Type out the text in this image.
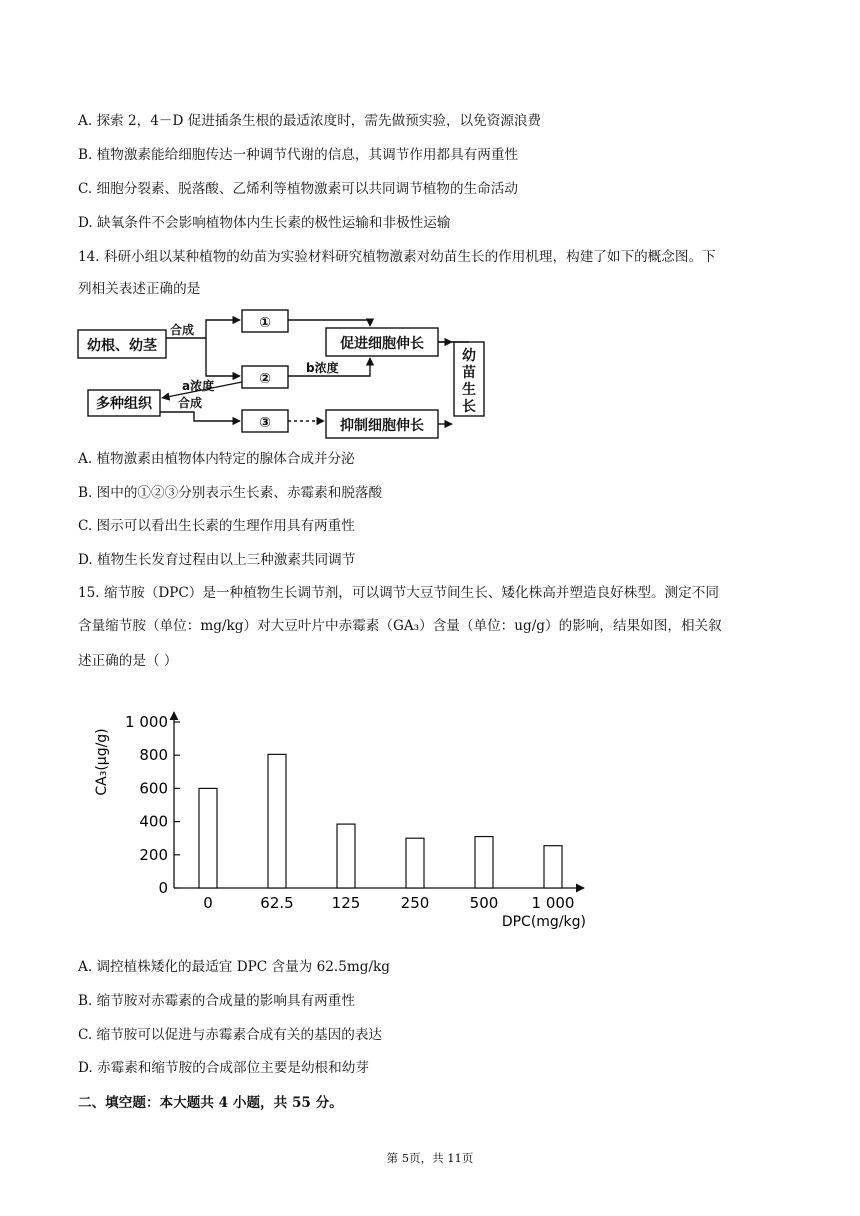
A. 探索 2，4－D 促进插条生根的最适浓度时，需先做预实验，以免资源浪费
B. 植物激素能给细胞传达一种调节代谢的信息，其调节作用都具有两重性
C. 细胞分裂素、脱落酸、乙烯利等植物激素可以共同调节植物的生命活动
D. 缺氧条件不会影响植物体内生长素的极性运输和非极性运输
14. 科研小组以某种植物的幼苗为实验材料研究植物激素对幼苗生长的作用机理，构建了如下的概念图。下
列相关表述正确的是
幼根、幼茎
多种组织
①
②
③
促进细胞伸长
抑制细胞伸长
幼
苗
生
长
合成
a浓度
b浓度
合成
A. 植物激素由植物体内特定的腺体合成并分泌
B. 图中的①②③分别表示生长素、赤霉素和脱落酸
C. 图示可以看出生长素的生理作用具有两重性
D. 植物生长发育过程由以上三种激素共同调节
15. 缩节胺（DPC）是一种植物生长调节剂，可以调节大豆节间生长、矮化株高并塑造良好株型。测定不同
含量缩节胺（单位：mg/kg）对大豆叶片中赤霉素（GA₃）含量（单位：ug/g）的影响，结果如图，相关叙
述正确的是（ ）
0
200
400
600
800
1 000
0	62.5	125	250	500 1 000
DPC(mg/kg)
CA₃(μg/g)
A. 调控植株矮化的最适宜 DPC 含量为 62.5mg/kg
B. 缩节胺对赤霉素的合成量的影响具有两重性
C. 缩节胺可以促进与赤霉素合成有关的基因的表达
D. 赤霉素和缩节胺的合成部位主要是幼根和幼芽
二、填空题：本大题共 4 小题，共 55 分。
第 5页，共 11页
